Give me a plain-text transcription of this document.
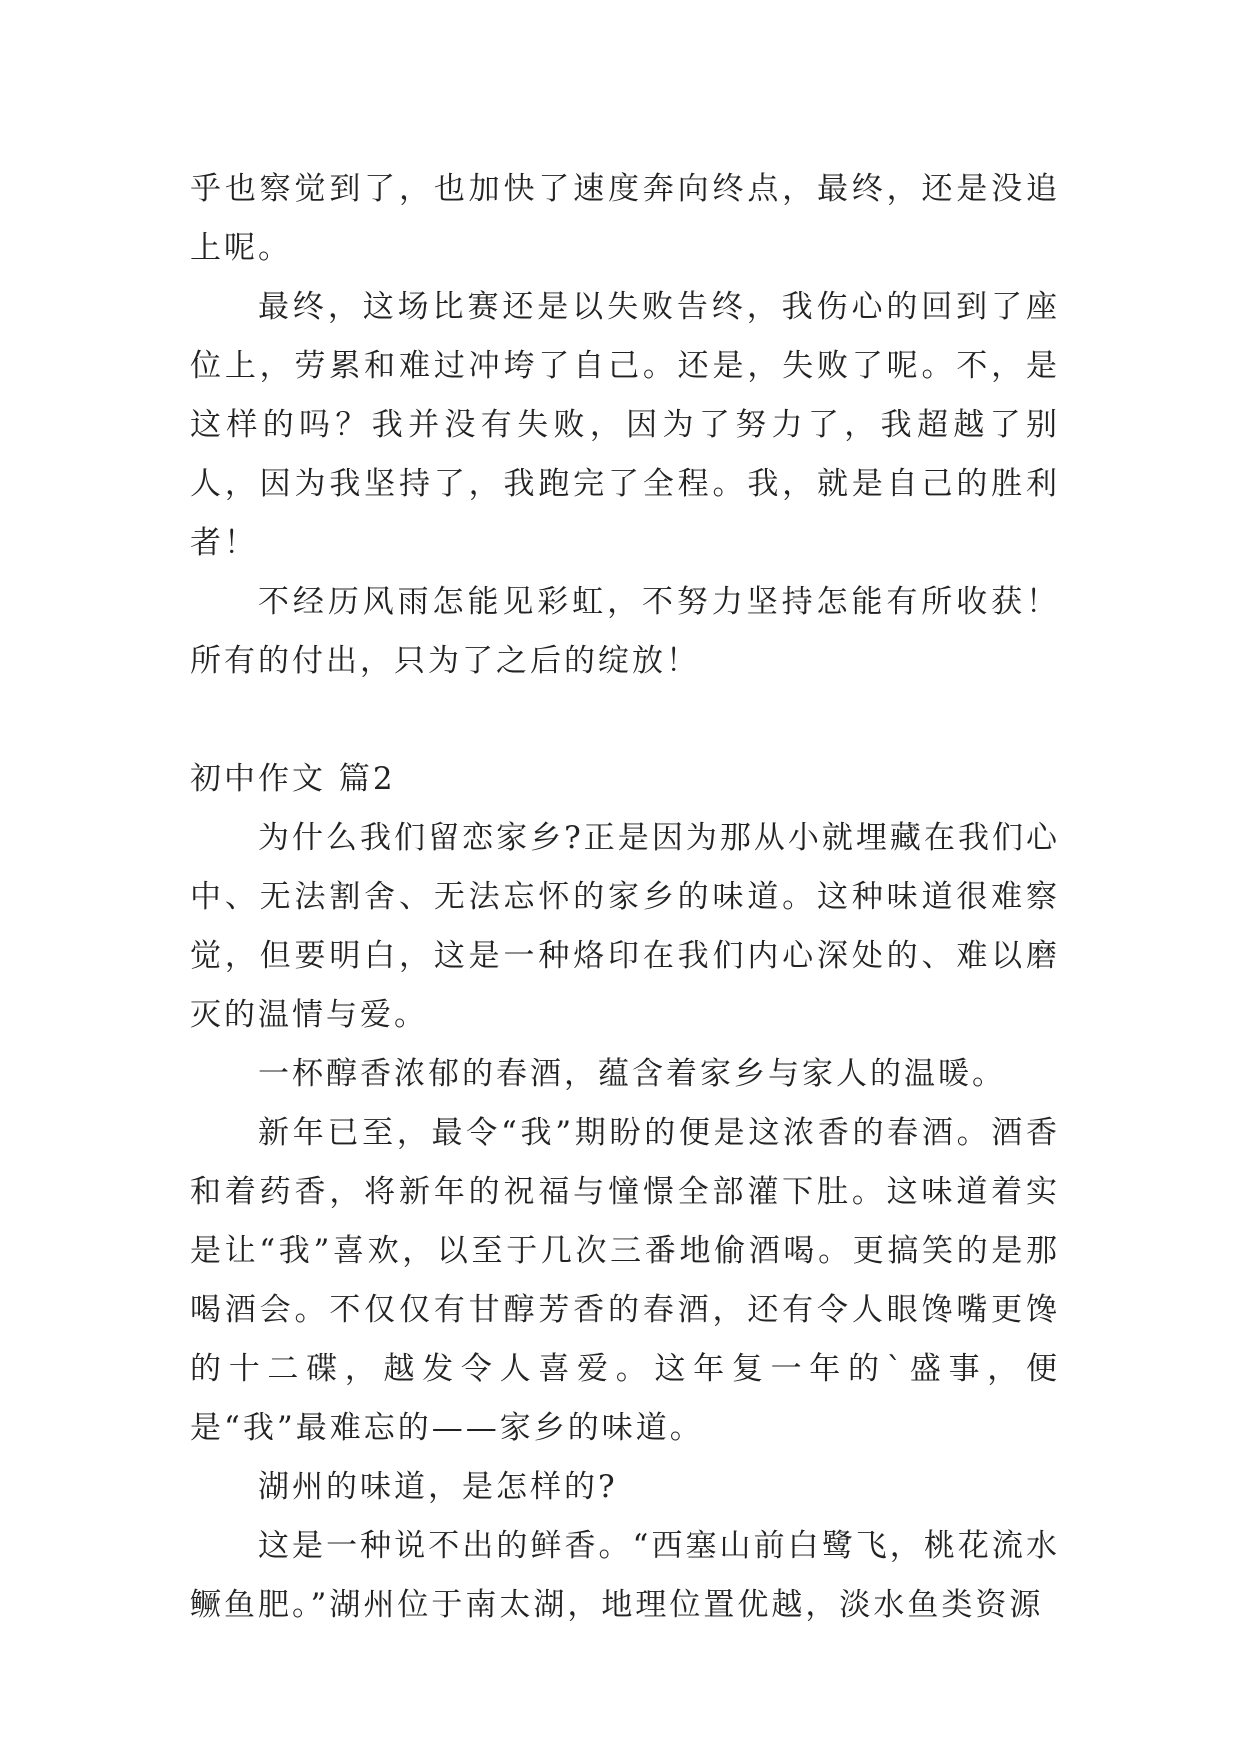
乎也察觉到了，也加快了速度奔向终点，最终，还是没追上呢。

最终，这场比赛还是以失败告终，我伤心的回到了座位上，劳累和难过冲垮了自己。还是，失败了呢。不，是这样的吗？我并没有失败，因为了努力了，我超越了别人，因为我坚持了，我跑完了全程。我，就是自己的胜利者！

不经历风雨怎能见彩虹，不努力坚持怎能有所收获！所有的付出，只为了之后的绽放！

初中作文 篇2

为什么我们留恋家乡?正是因为那从小就埋藏在我们心中、无法割舍、无法忘怀的家乡的味道。这种味道很难察觉，但要明白，这是一种烙印在我们内心深处的、难以磨灭的温情与爱。

一杯醇香浓郁的春酒，蕴含着家乡与家人的温暖。

新年已至，最令“我”期盼的便是这浓香的春酒。酒香和着药香，将新年的祝福与憧憬全部灌下肚。这味道着实是让“我”喜欢，以至于几次三番地偷酒喝。更搞笑的是那喝酒会。不仅仅有甘醇芳香的春酒，还有令人眼馋嘴更馋的十二碟，越发令人喜爱。这年复一年的`盛事，便是“我”最难忘的——家乡的味道。

湖州的味道，是怎样的?

这是一种说不出的鲜香。“西塞山前白鹭飞，桃花流水鳜鱼肥。”湖州位于南太湖，地理位置优越，淡水鱼类资源
